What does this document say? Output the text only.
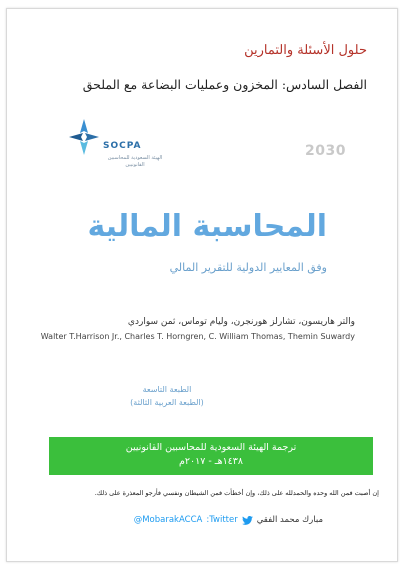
حلول الأسئلة والتمارين
الفصل السادس: المخزون وعمليات البضاعة مع الملحق
SOCPA
الهيئة السعودية للمحاسبين القانونيين
2030
المحاسبة المالية
وفق المعايير الدولية للتقرير المالي
والتر هاريسون، تشارلز هورنجرن، وليام توماس، ثمن سواردي
Walter T.Harrison Jr., Charles T. Horngren, C. William Thomas, Themin Suwardy
الطبعة التاسعة
(الطبعة العربية الثالثة)
ترجمة الهيئة السعودية للمحاسبين القانونيين
١٤٣٨هـ - ٢٠١٧م
إن أصبت فمن الله وحده والحمدلله على ذلك، وإن أخطأت فمن الشيطان ونفسي فأرجو المعذرة على ذلك.
مبارك محمد الفقي
Twitter:
@MobarakACCA
